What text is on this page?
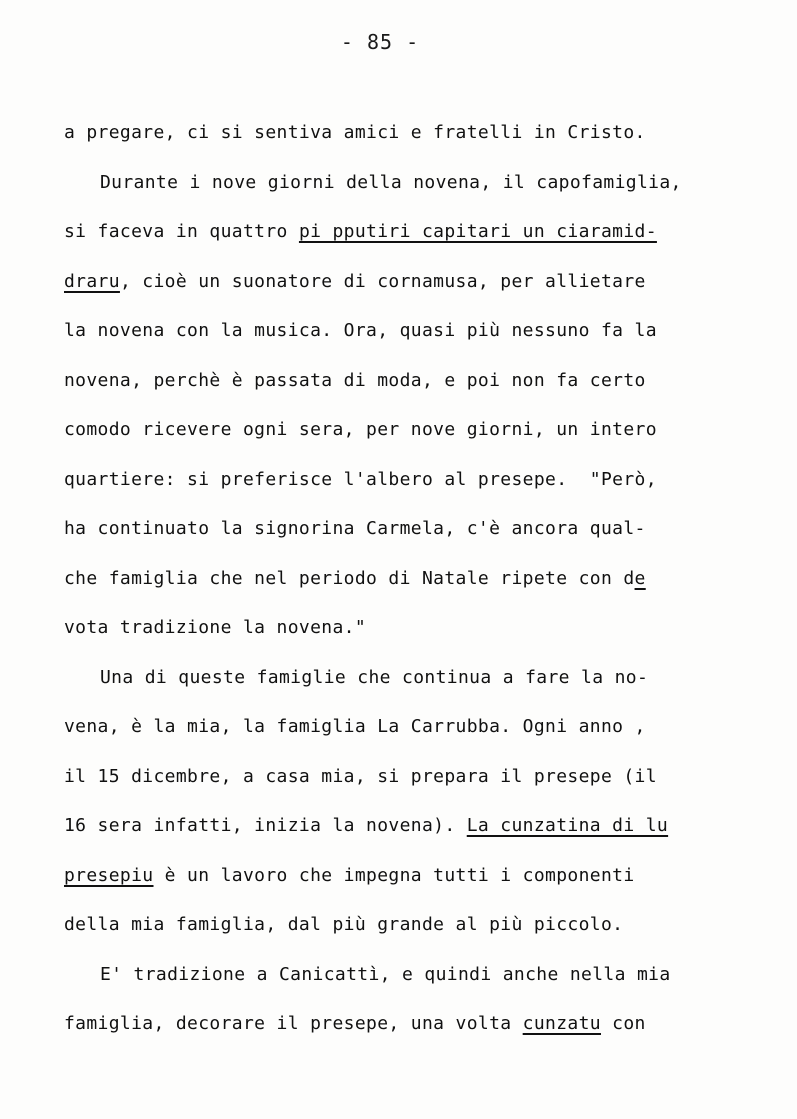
- 85 -
a pregare, ci si sentiva amici e fratelli in Cristo.
Durante i nove giorni della novena, il capofamiglia,
si faceva in quattro pi pputiri capitari un ciaramid-
draru, cioè un suonatore di cornamusa, per allietare
la novena con la musica. Ora, quasi più nessuno fa la
novena, perchè è passata di moda, e poi non fa certo
comodo ricevere ogni sera, per nove giorni, un intero
quartiere: si preferisce l'albero al presepe.  "Però,
ha continuato la signorina Carmela, c'è ancora qual-
che famiglia che nel periodo di Natale ripete con de
vota tradizione la novena."
Una di queste famiglie che continua a fare la no-
vena, è la mia, la famiglia La Carrubba. Ogni anno ,
il 15 dicembre, a casa mia, si prepara il presepe (il
16 sera infatti, inizia la novena). La cunzatina di lu
presepiu è un lavoro che impegna tutti i componenti
della mia famiglia, dal più grande al più piccolo.
E' tradizione a Canicattì, e quindi anche nella mia
famiglia, decorare il presepe, una volta cunzatu con
